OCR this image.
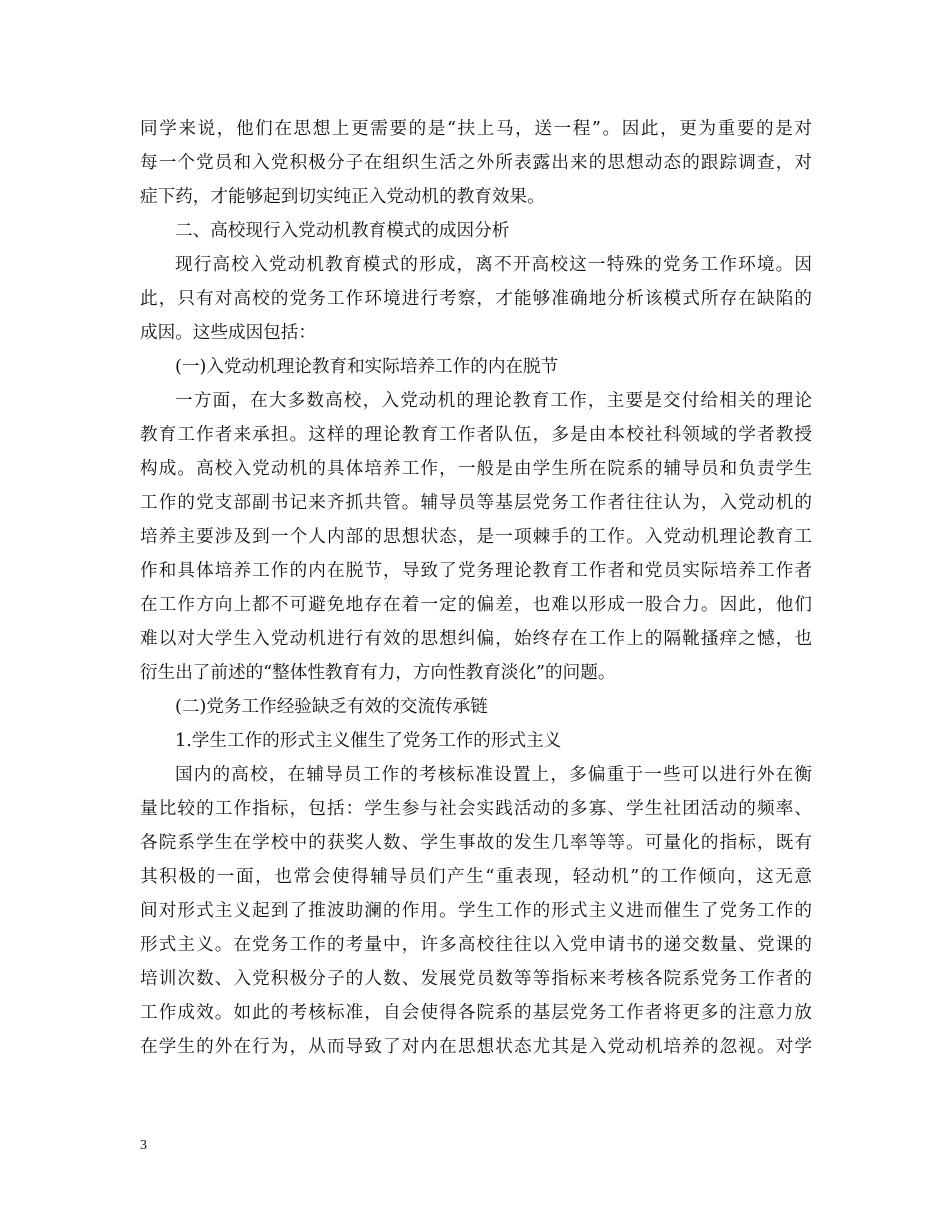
同学来说，他们在思想上更需要的是“扶上马，送一程”。因此，更为重要的是对
每一个党员和入党积极分子在组织生活之外所表露出来的思想动态的跟踪调查，对
症下药，才能够起到切实纯正入党动机的教育效果。
二、高校现行入党动机教育模式的成因分析
现行高校入党动机教育模式的形成，离不开高校这一特殊的党务工作环境。因
此，只有对高校的党务工作环境进行考察，才能够准确地分析该模式所存在缺陷的
成因。这些成因包括：
(一)入党动机理论教育和实际培养工作的内在脱节
一方面，在大多数高校，入党动机的理论教育工作，主要是交付给相关的理论
教育工作者来承担。这样的理论教育工作者队伍，多是由本校社科领域的学者教授
构成。高校入党动机的具体培养工作，一般是由学生所在院系的辅导员和负责学生
工作的党支部副书记来齐抓共管。辅导员等基层党务工作者往往认为，入党动机的
培养主要涉及到一个人内部的思想状态，是一项棘手的工作。入党动机理论教育工
作和具体培养工作的内在脱节，导致了党务理论教育工作者和党员实际培养工作者
在工作方向上都不可避免地存在着一定的偏差，也难以形成一股合力。因此，他们
难以对大学生入党动机进行有效的思想纠偏，始终存在工作上的隔靴搔痒之憾，也
衍生出了前述的“整体性教育有力，方向性教育淡化”的问题。
(二)党务工作经验缺乏有效的交流传承链
1.学生工作的形式主义催生了党务工作的形式主义
国内的高校，在辅导员工作的考核标准设置上，多偏重于一些可以进行外在衡
量比较的工作指标，包括：学生参与社会实践活动的多寡、学生社团活动的频率、
各院系学生在学校中的获奖人数、学生事故的发生几率等等。可量化的指标，既有
其积极的一面，也常会使得辅导员们产生“重表现，轻动机”的工作倾向，这无意
间对形式主义起到了推波助澜的作用。学生工作的形式主义进而催生了党务工作的
形式主义。在党务工作的考量中，许多高校往往以入党申请书的递交数量、党课的
培训次数、入党积极分子的人数、发展党员数等等指标来考核各院系党务工作者的
工作成效。如此的考核标准，自会使得各院系的基层党务工作者将更多的注意力放
在学生的外在行为，从而导致了对内在思想状态尤其是入党动机培养的忽视。对学
3
